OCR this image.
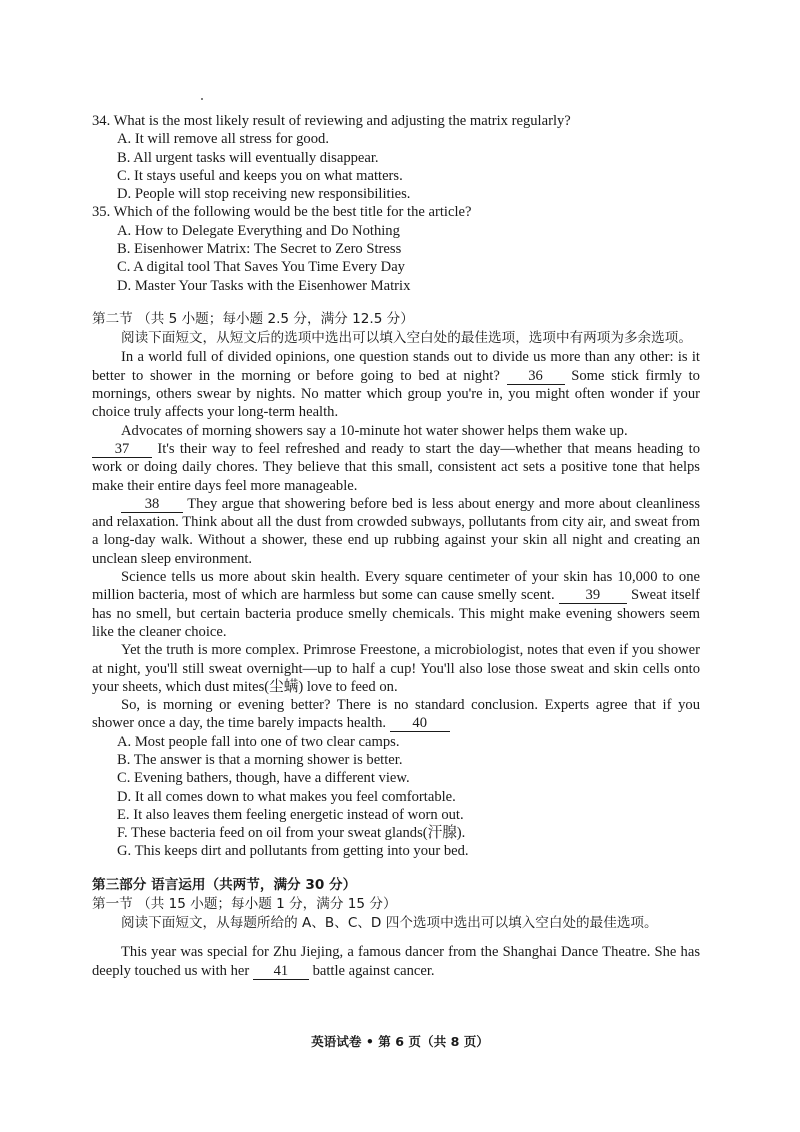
34. What is the most likely result of reviewing and adjusting the matrix regularly?

A. It will remove all stress for good.

B. All urgent tasks will eventually disappear.

C. It stays useful and keeps you on what matters.

D. People will stop receiving new responsibilities.

35. Which of the following would be the best title for the article?

A. How to Delegate Everything and Do Nothing

B. Eisenhower Matrix: The Secret to Zero Stress

C. A digital tool That Saves You Time Every Day

D. Master Your Tasks with the Eisenhower Matrix

第二节 （共 5 小题；每小题 2.5 分，满分 12.5 分）

阅读下面短文，从短文后的选项中选出可以填入空白处的最佳选项，选项中有两项为多余选项。

In a world full of divided opinions, one question stands out to divide us more than any other: is it better to shower in the morning or before going to bed at night? 36 Some stick firmly to mornings, others swear by nights. No matter which group you're in, you might often wonder if your choice truly affects your long-term health.

Advocates of morning showers say a 10-minute hot water shower helps them wake up.
37 It's their way to feel refreshed and ready to start the day—whether that means heading to work or doing daily chores. They believe that this small, consistent act sets a positive tone that helps make their entire days feel more manageable.

38 They argue that showering before bed is less about energy and more about cleanliness and relaxation. Think about all the dust from crowded subways, pollutants from city air, and sweat from a long-day walk. Without a shower, these end up rubbing against your skin all night and creating an unclean sleep environment.

Science tells us more about skin health. Every square centimeter of your skin has 10,000 to one million bacteria, most of which are harmless but some can cause smelly scent. 39 Sweat itself has no smell, but certain bacteria produce smelly chemicals. This might make evening showers seem like the cleaner choice.

Yet the truth is more complex. Primrose Freestone, a microbiologist, notes that even if you shower at night, you'll still sweat overnight—up to half a cup! You'll also lose those sweat and skin cells onto your sheets, which dust mites(尘螨) love to feed on.

So, is morning or evening better? There is no standard conclusion. Experts agree that if you shower once a day, the time barely impacts health. 40

A. Most people fall into one of two clear camps.

B. The answer is that a morning shower is better.

C. Evening bathers, though, have a different view.

D. It all comes down to what makes you feel comfortable.

E. It also leaves them feeling energetic instead of worn out.

F. These bacteria feed on oil from your sweat glands(汗腺).

G. This keeps dirt and pollutants from getting into your bed.

第三部分 语言运用（共两节，满分 30 分）
第一节 （共 15 小题；每小题 1 分，满分 15 分）

阅读下面短文，从每题所给的 A、B、C、D 四个选项中选出可以填入空白处的最佳选项。

This year was special for Zhu Jiejing, a famous dancer from the Shanghai Dance Theatre. She has deeply touched us with her 41 battle against cancer.

英语试卷 • 第 6 页（共 8 页）
